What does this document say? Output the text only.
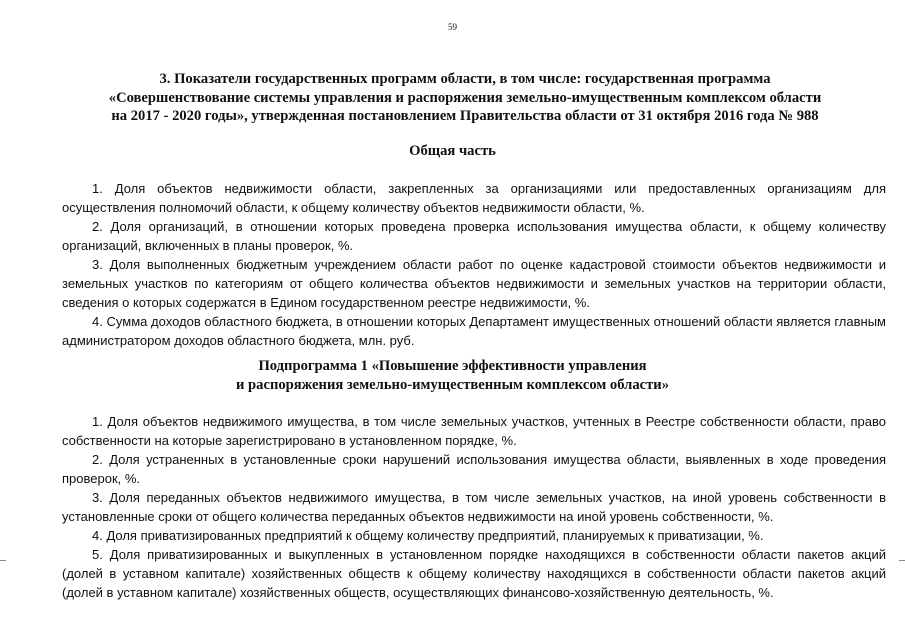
59
3. Показатели государственных программ области, в том числе: государственная программа
«Совершенствование системы управления и распоряжения земельно-имущественным комплексом области
на 2017 - 2020 годы», утвержденная постановлением Правительства области от 31 октября 2016 года № 988
Общая часть

1. Доля объектов недвижимости области, закрепленных за организациями или предоставленных организациям для осуществления полномочий области, к общему количеству объектов недвижимости области, %.

2. Доля организаций, в отношении которых проведена проверка использования имущества области, к общему количеству организаций, включенных в планы проверок, %.

3. Доля выполненных бюджетным учреждением области работ по оценке кадастровой стоимости объектов недвижимости и земельных участков по категориям от общего количества объектов недвижимости и земельных участков на территории области, сведения о которых содержатся в Едином государственном реестре недвижимости, %.

4. Сумма доходов областного бюджета, в отношении которых Департамент имущественных отношений области является главным администратором доходов областного бюджета, млн. руб.

Подпрограмма 1 «Повышение эффективности управления
и распоряжения земельно-имущественным комплексом области»

1. Доля объектов недвижимого имущества, в том числе земельных участков, учтенных в Реестре собственности области, право собственности на которые зарегистрировано в установленном порядке, %.

2. Доля устраненных в установленные сроки нарушений использования имущества области, выявленных в ходе проведения проверок, %.

3. Доля переданных объектов недвижимого имущества, в том числе земельных участков, на иной уровень собственности в установленные сроки от общего количества переданных объектов недвижимости на иной уровень собственности, %.

4. Доля приватизированных предприятий к общему количеству предприятий, планируемых к приватизации, %.

5. Доля приватизированных и выкупленных в установленном порядке находящихся в собственности области пакетов акций (долей в уставном капитале) хозяйственных обществ к общему количеству находящихся в собственности области пакетов акций (долей в уставном капитале) хозяйственных обществ, осуществляющих финансово-хозяйственную деятельность, %.
